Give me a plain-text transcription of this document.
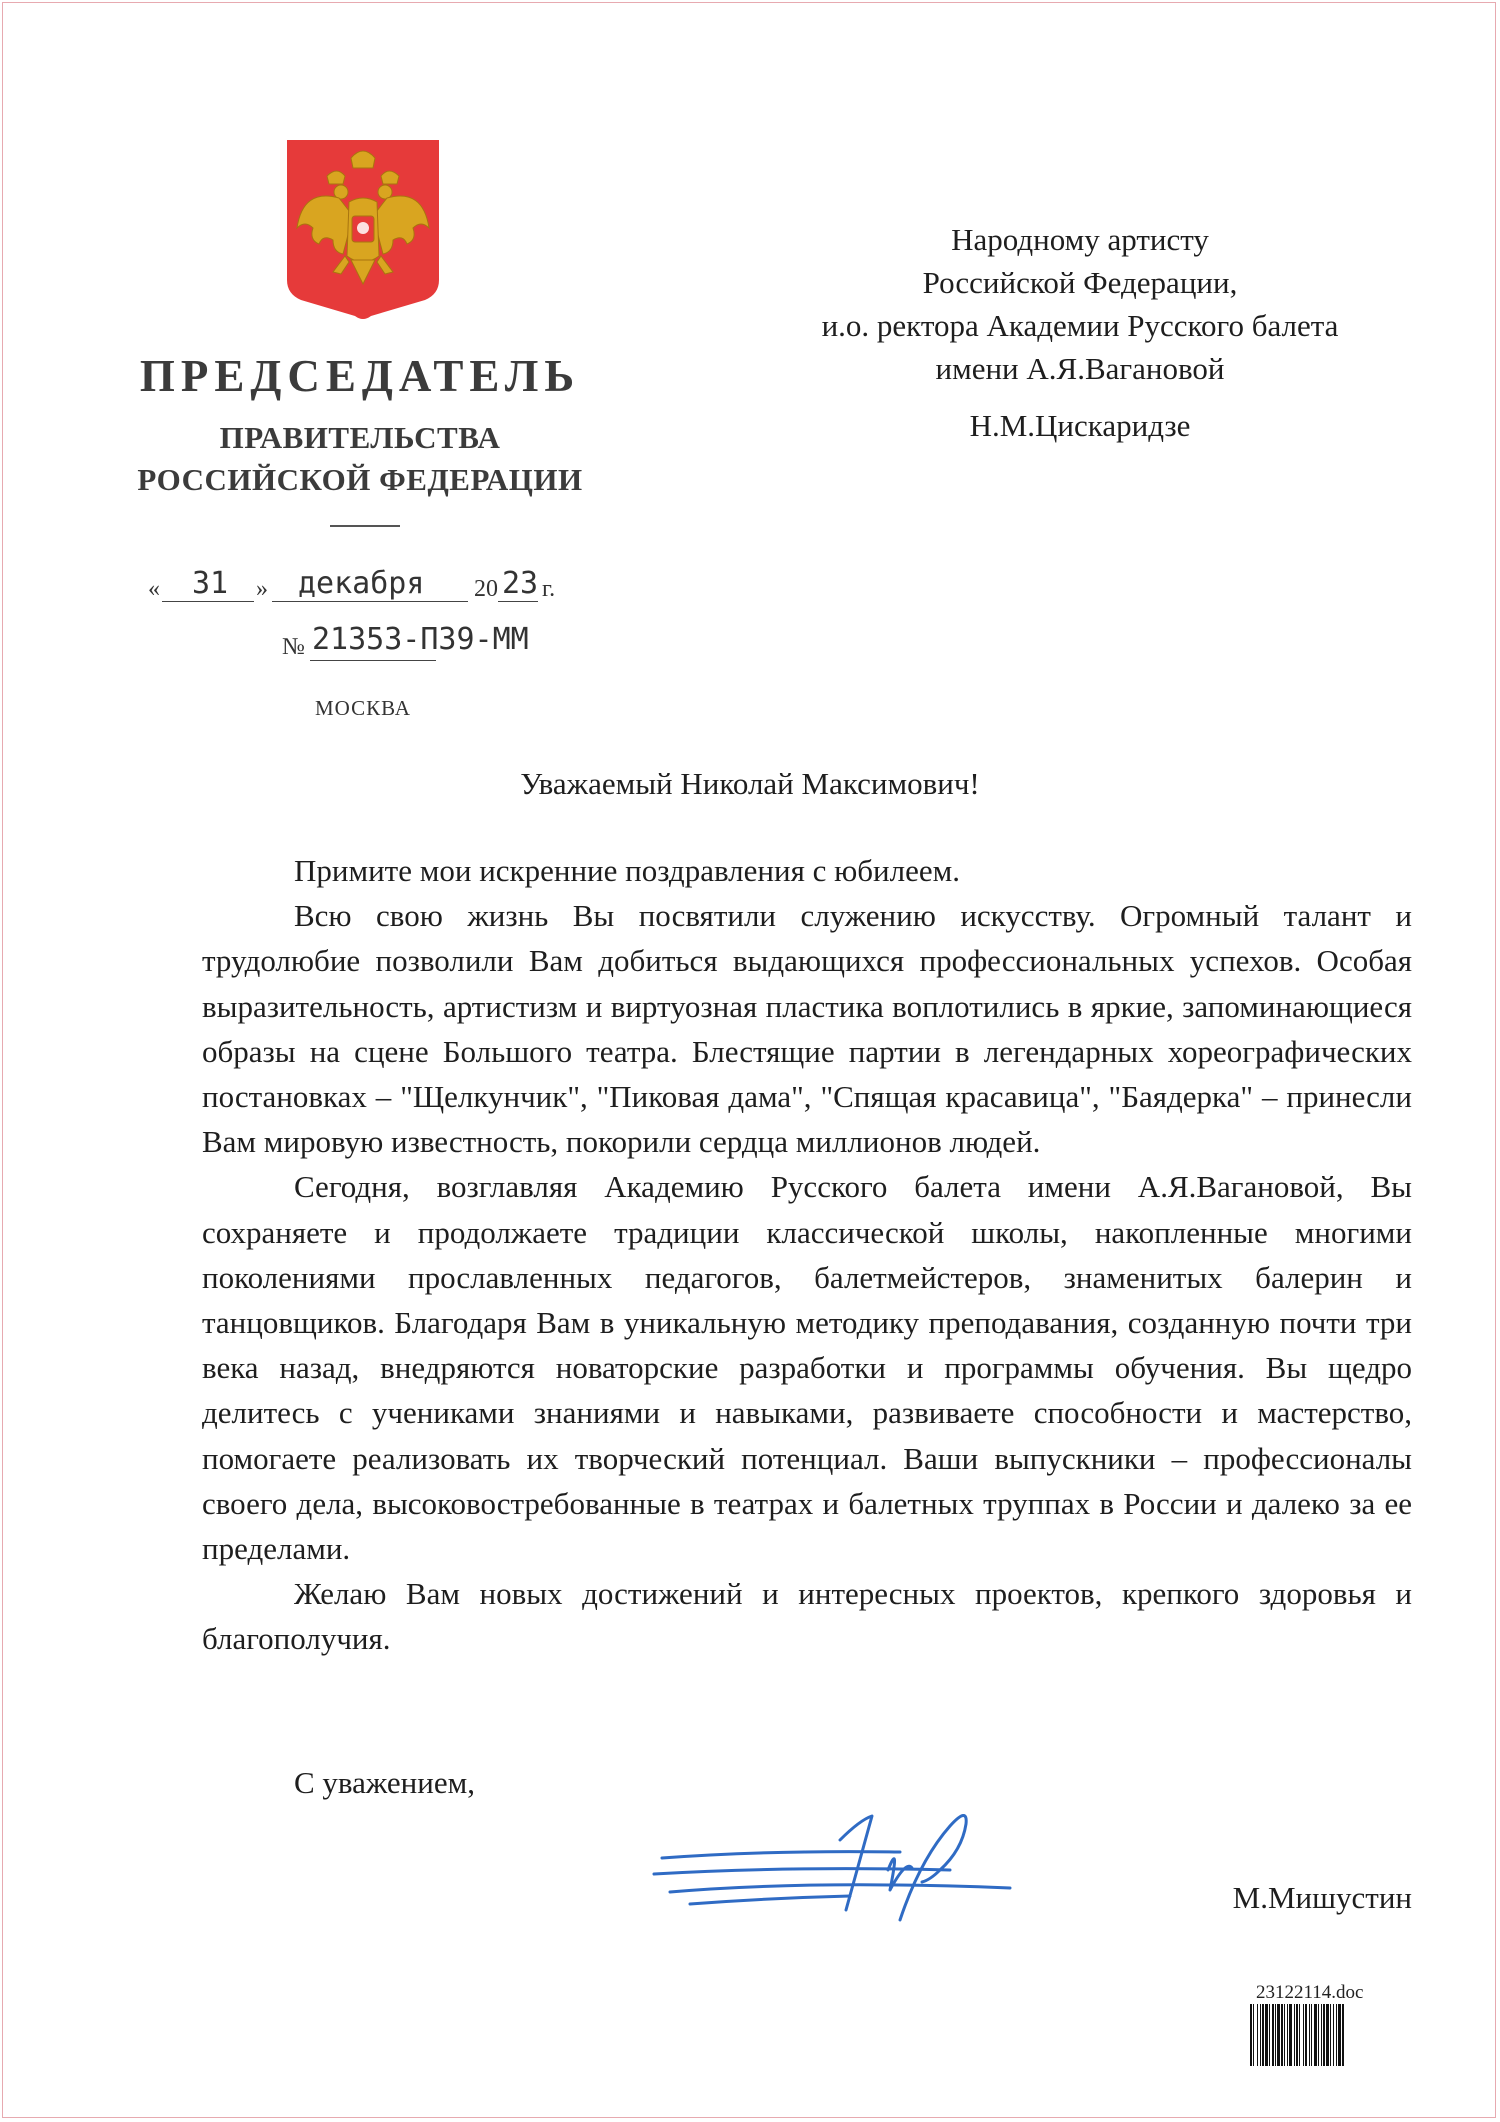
ПРЕДСЕДАТЕЛЬ
ПРАВИТЕЛЬСТВА
РОССИЙСКОЙ ФЕДЕРАЦИИ
« 31 » декабря 20 23 г.
№ 21353-П39-ММ
МОСКВА
Народному артисту
Российской Федерации,
и.о. ректора Академии Русского балета
имени А.Я.Вагановой
Н.М.Цискаридзе
Уважаемый Николай Максимович!

Примите мои искренние поздравления с юбилеем.

Всю свою жизнь Вы посвятили служению искусству. Огромный талант и трудолюбие позволили Вам добиться выдающихся профессиональных успехов. Особая выразительность, артистизм и виртуозная пластика воплотились в яркие, запоминающиеся образы на сцене Большого театра. Блестящие партии в легендарных хореографических постановках – "Щелкунчик", "Пиковая дама", "Спящая красавица", "Баядерка" – принесли Вам мировую известность, покорили сердца миллионов людей.

Сегодня, возглавляя Академию Русского балета имени А.Я.Вагановой, Вы сохраняете и продолжаете традиции классической школы, накопленные многими поколениями прославленных педагогов, балетмейстеров, знаменитых балерин и танцовщиков. Благодаря Вам в уникальную методику преподавания, созданную почти три века назад, внедряются новаторские разработки и программы обучения. Вы щедро делитесь с учениками знаниями и навыками, развиваете способности и мастерство, помогаете реализовать их творческий потенциал. Ваши выпускники – профессионалы своего дела, высоковостребованные в театрах и балетных труппах в России и далеко за ее пределами.

Желаю Вам новых достижений и интересных проектов, крепкого здоровья и благополучия.

С уважением,
М.Мишустин
23122114.doc
